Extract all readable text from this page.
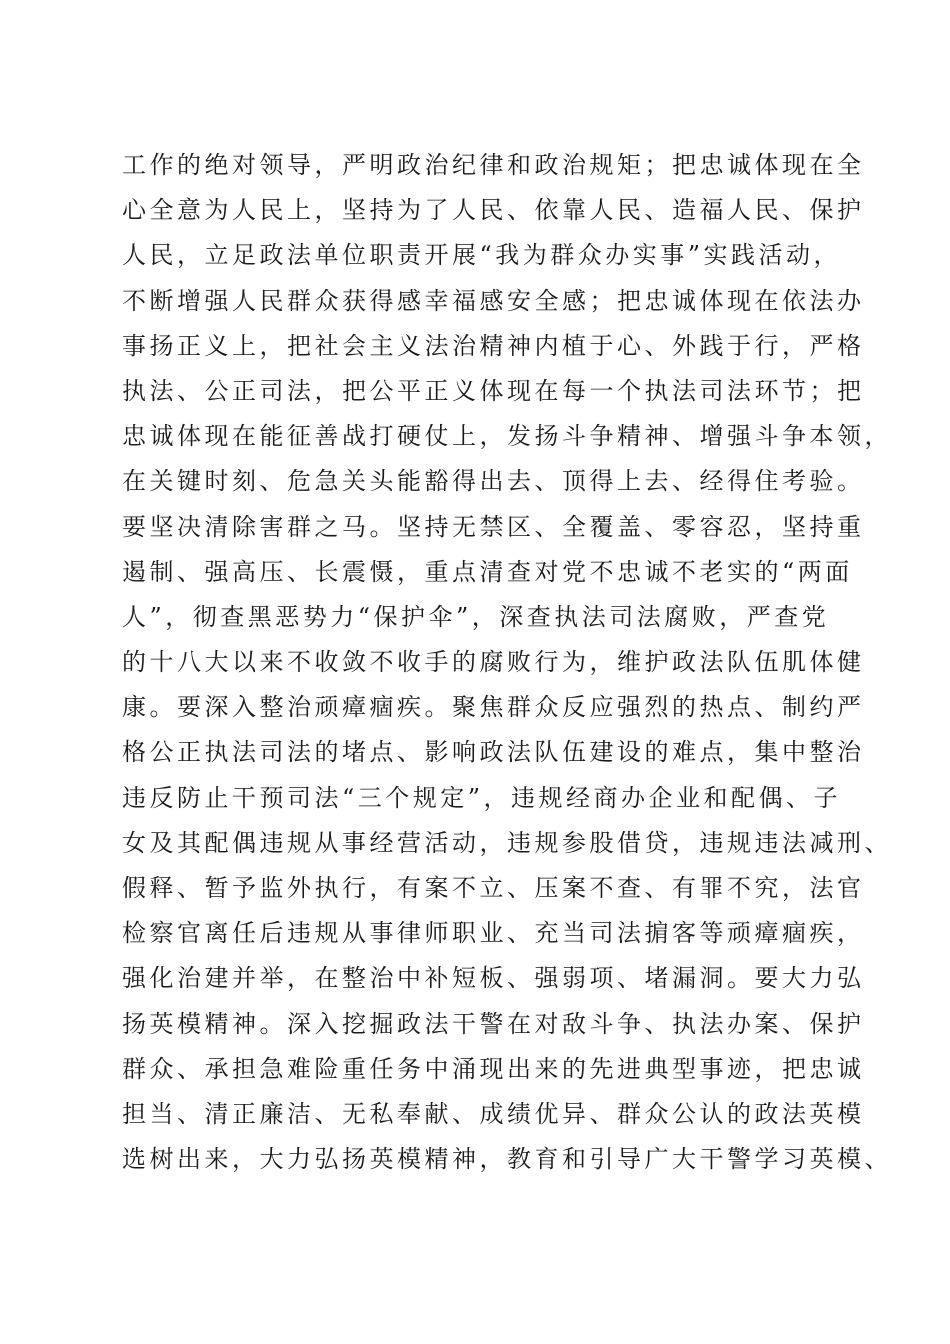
工作的绝对领导，严明政治纪律和政治规矩；把忠诚体现在全
心全意为人民上，坚持为了人民、依靠人民、造福人民、保护
人民，立足政法单位职责开展“我为群众办实事”实践活动，
不断增强人民群众获得感幸福感安全感；把忠诚体现在依法办
事扬正义上，把社会主义法治精神内植于心、外践于行，严格
执法、公正司法，把公平正义体现在每一个执法司法环节；把
忠诚体现在能征善战打硬仗上，发扬斗争精神、增强斗争本领，
在关键时刻、危急关头能豁得出去、顶得上去、经得住考验。
要坚决清除害群之马。坚持无禁区、全覆盖、零容忍，坚持重
遏制、强高压、长震慑，重点清查对党不忠诚不老实的“两面
人”，彻查黑恶势力“保护伞”，深查执法司法腐败，严查党
的十八大以来不收敛不收手的腐败行为，维护政法队伍肌体健
康。要深入整治顽瘴痼疾。聚焦群众反应强烈的热点、制约严
格公正执法司法的堵点、影响政法队伍建设的难点，集中整治
违反防止干预司法“三个规定”，违规经商办企业和配偶、子
女及其配偶违规从事经营活动，违规参股借贷，违规违法减刑、
假释、暂予监外执行，有案不立、压案不查、有罪不究，法官
检察官离任后违规从事律师职业、充当司法掮客等顽瘴痼疾，
强化治建并举，在整治中补短板、强弱项、堵漏洞。要大力弘
扬英模精神。深入挖掘政法干警在对敌斗争、执法办案、保护
群众、承担急难险重任务中涌现出来的先进典型事迹，把忠诚
担当、清正廉洁、无私奉献、成绩优异、群众公认的政法英模
选树出来，大力弘扬英模精神，教育和引导广大干警学习英模、
